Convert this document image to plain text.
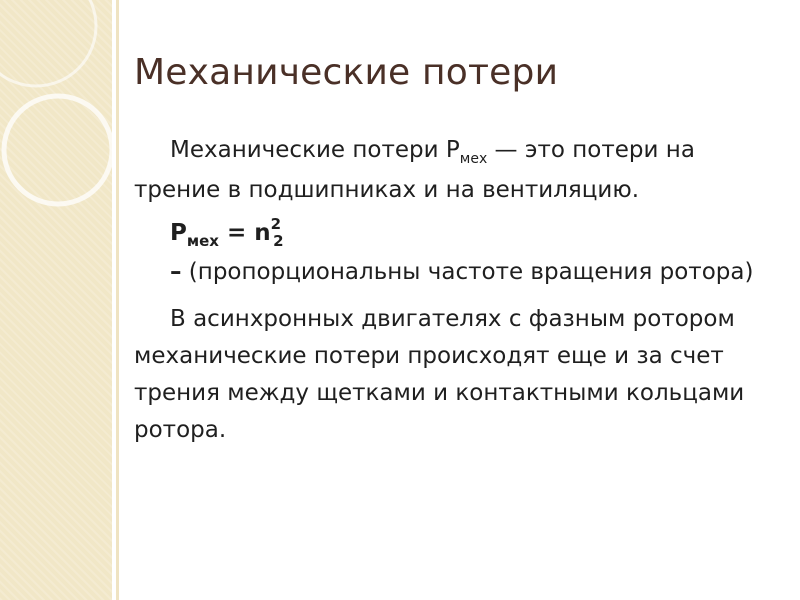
Механические потери

Механические потери $Р_{мех}$ — это потери на трение в подшипниках и на вентиляцию.

$Р_{мех} = n^2_2$

– (пропорциональны частоте вращения ротора)

В асинхронных двигателях с фазным ротором механические потери происходят еще и за счет трения между щетками и контактными кольцами ротора.
